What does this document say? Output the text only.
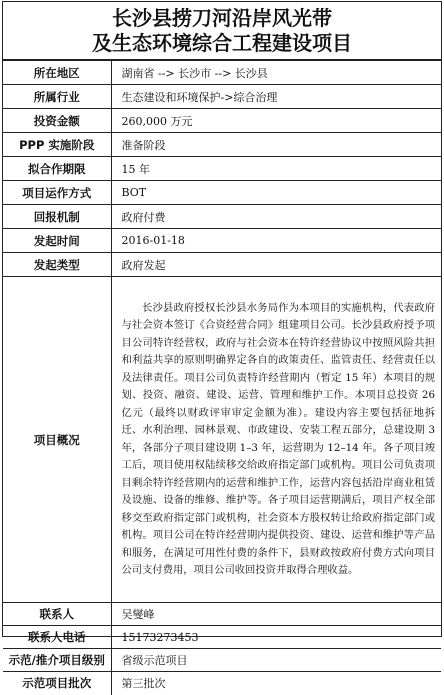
长沙县捞刀河沿岸风光带
及生态环境综合工程建设项目
所在地区	湖南省 --> 长沙市 --> 长沙县
所属行业	生态建设和环境保护->综合治理
投资金额	260,000 万元
PPP 实施阶段	准备阶段
拟合作期限	15 年
项目运作方式	BOT
回报机制	政府付费
发起时间	2016-01-18
发起类型	政府发起
项目概况	长沙县政府授权长沙县水务局作为本项目的实施机构，代表政府与社会资本签订《合资经营合同》组建项目公司。长沙县政府授予项目公司特许经营权，政府与社会资本在特许经营协议中按照风险共担和利益共享的原则明确界定各自的政策责任、监管责任、经营责任以及法律责任。项目公司负责特许经营期内（暂定 15 年）本项目的规划、投资、融资、建设、运营、管理和维护工作。本项目总投资 26 亿元（最终以财政评审审定金额为准）。建设内容主要包括征地拆迁、水利治理、园林景观、市政建设、安装工程五部分，总建设期 3 年，各部分子项目建设期 1–3 年，运营期为 12–14 年。各子项目竣工后，项目使用权陆续移交给政府指定部门或机构。项目公司负责项目剩余特许经营期内的运营和维护工作，运营内容包括沿岸商业租赁及设施、设备的维修、维护等。各子项目运营期满后，项目产权全部移交至政府指定部门或机构，社会资本方股权转让给政府指定部门或机构。项目公司在特许经营期内提供投资、建设、运营和维护等产品和服务，在满足可用性付费的条件下，县财政按政府付费方式向项目公司支付费用，项目公司收回投资并取得合理收益。
联系人	吴燮峰
联系人电话	15173273453
示范/推介项目级别	省级示范项目
示范项目批次	第三批次
